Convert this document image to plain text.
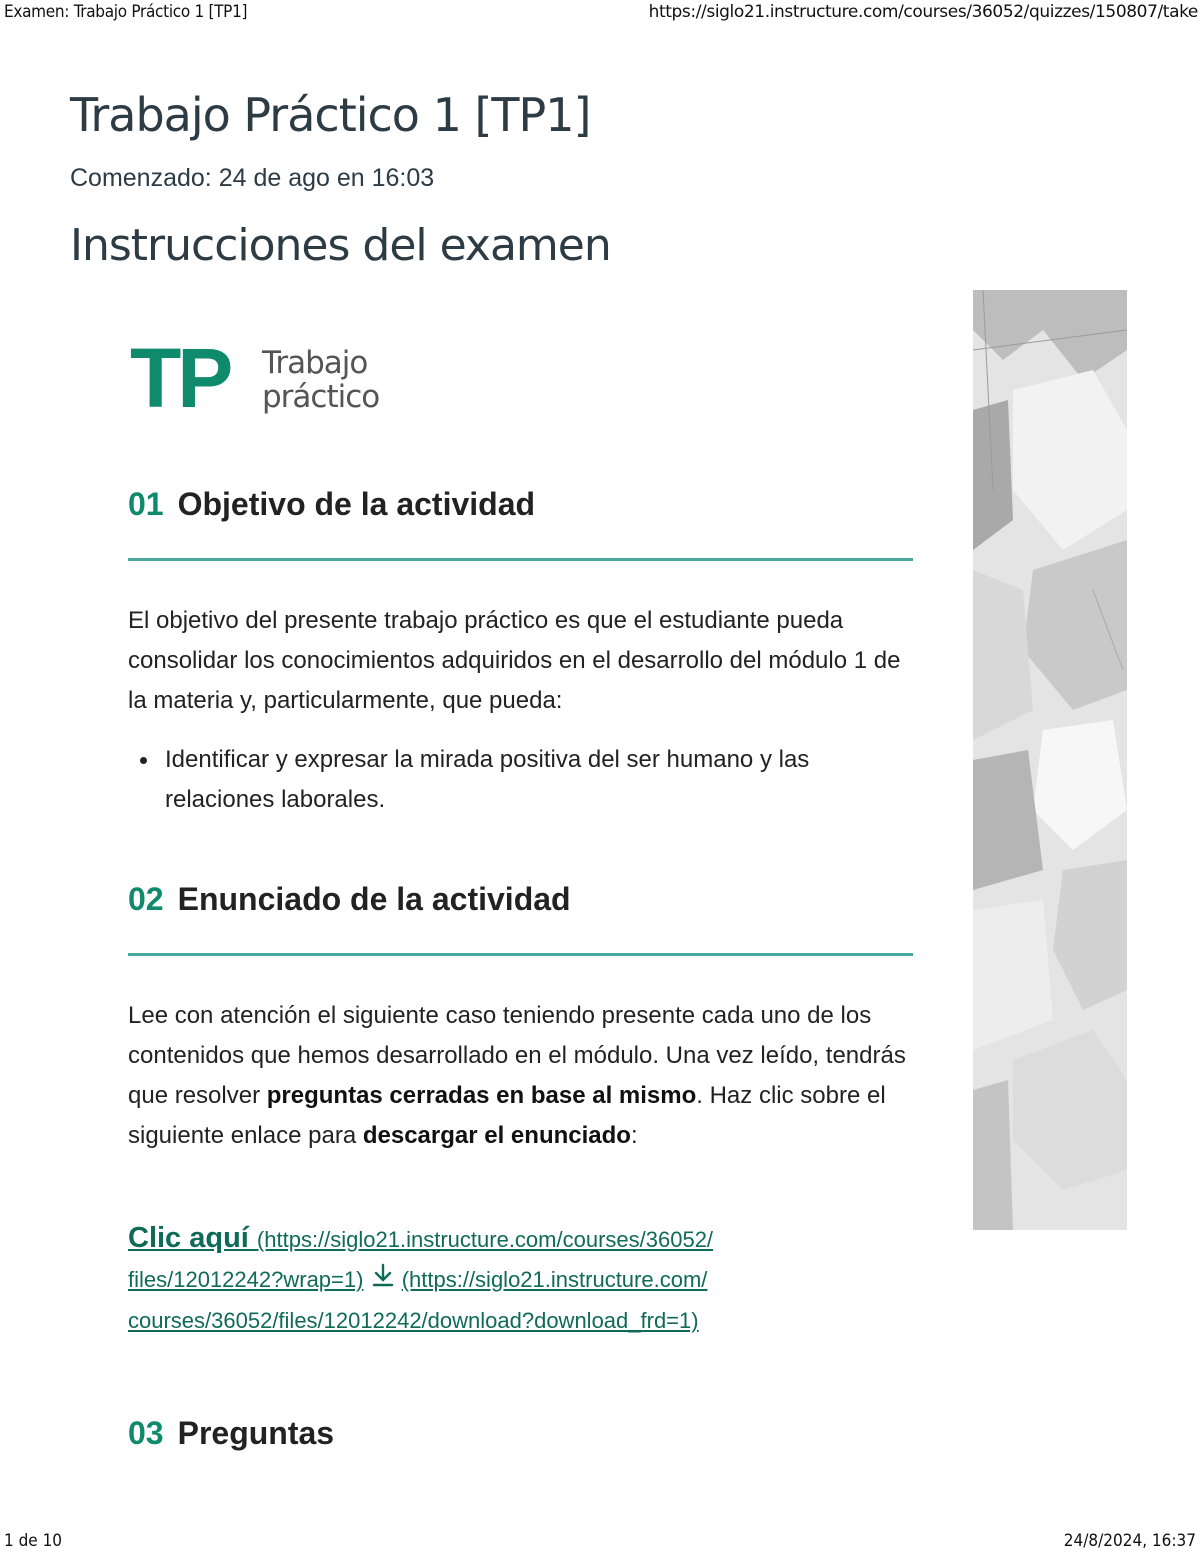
Examen: Trabajo Práctico 1 [TP1]	https://siglo21.instructure.com/courses/36052/quizzes/150807/take
Trabajo Práctico 1 [TP1]
Comenzado: 24 de ago en 16:03
Instrucciones del examen
TP Trabajo
práctico
01 Objetivo de la actividad
El objetivo del presente trabajo práctico es que el estudiante pueda consolidar los conocimientos adquiridos en el desarrollo del módulo 1 de la materia y, particularmente, que pueda:
Identificar y expresar la mirada positiva del ser humano y las relaciones laborales.
02 Enunciado de la actividad
Lee con atención el siguiente caso teniendo presente cada uno de los contenidos que hemos desarrollado en el módulo. Una vez leído, tendrás que resolver preguntas cerradas en base al mismo. Haz clic sobre el siguiente enlace para descargar el enunciado:
Clic aquí (https://siglo21.instructure.com/courses/36052/ files/12012242?wrap=1) (https://siglo21.instructure.com/ courses/36052/files/12012242/download?download_frd=1)
03 Preguntas
1 de 10	24/8/2024, 16:37
